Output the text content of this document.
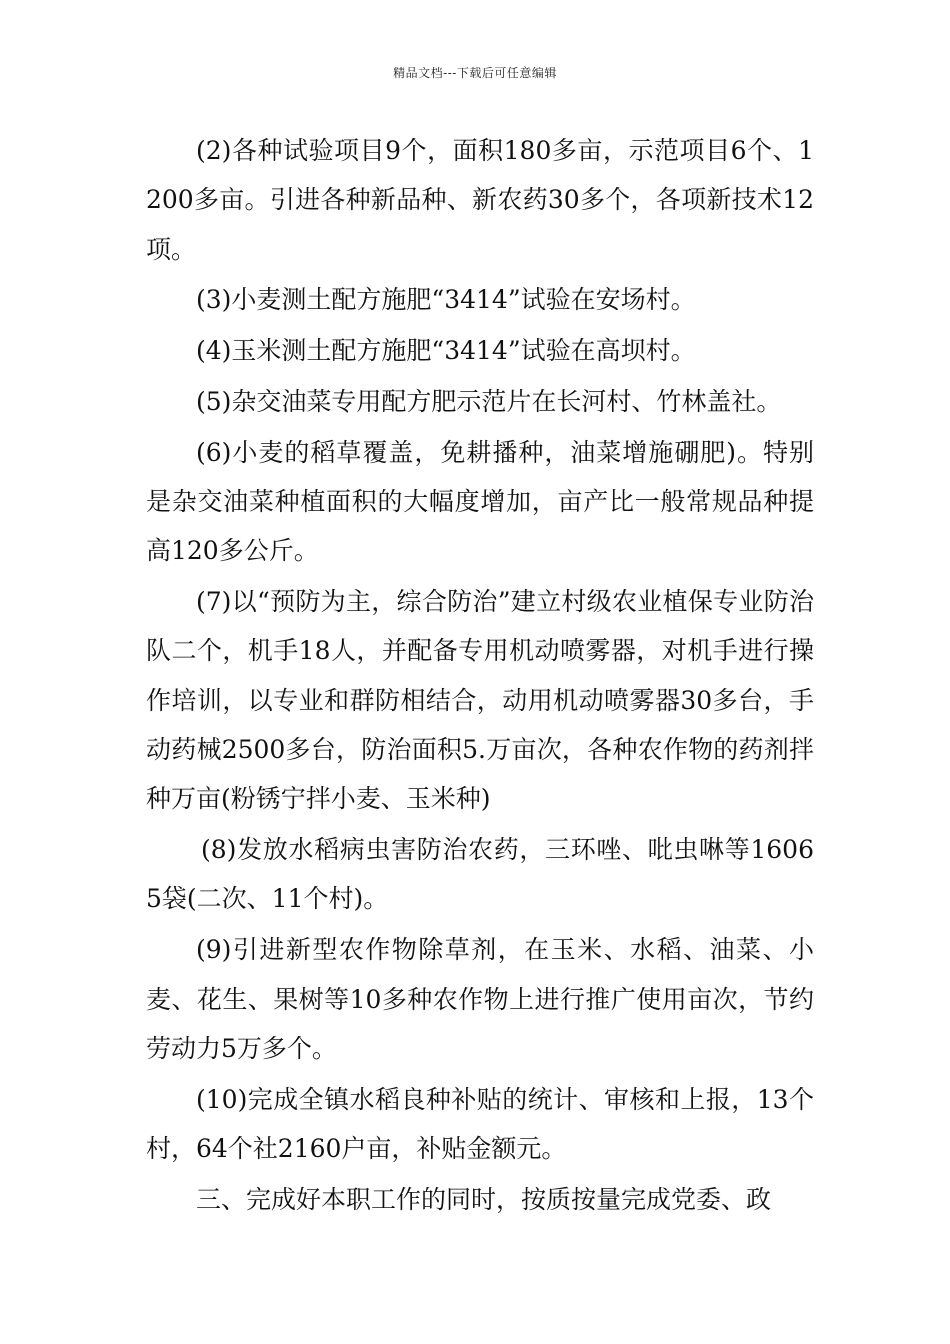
精品文档---下载后可任意编辑

(2)各种试验项目9个，面积180多亩，示范项目6个、1200多亩。引进各种新品种、新农药30多个，各项新技术12项。

(3)小麦测土配方施肥“3414”试验在安场村。

(4)玉米测土配方施肥“3414”试验在高坝村。

(5)杂交油菜专用配方肥示范片在长河村、竹林盖社。

(6)小麦的稻草覆盖，免耕播种，油菜增施硼肥)。特别是杂交油菜种植面积的大幅度增加，亩产比一般常规品种提高120多公斤。

(7)以“预防为主，综合防治”建立村级农业植保专业防治队二个，机手18人，并配备专用机动喷雾器，对机手进行操作培训，以专业和群防相结合，动用机动喷雾器30多台，手动药械2500多台，防治面积5.万亩次，各种农作物的药剂拌种万亩(粉锈宁拌小麦、玉米种)

(8)发放水稻病虫害防治农药，三环唑、吡虫啉等16065袋(二次、11个村)。

(9)引进新型农作物除草剂，在玉米、水稻、油菜、小麦、花生、果树等10多种农作物上进行推广使用亩次，节约劳动力5万多个。

(10)完成全镇水稻良种补贴的统计、审核和上报，13个村，64个社2160户亩，补贴金额元。

三、完成好本职工作的同时，按质按量完成党委、政
